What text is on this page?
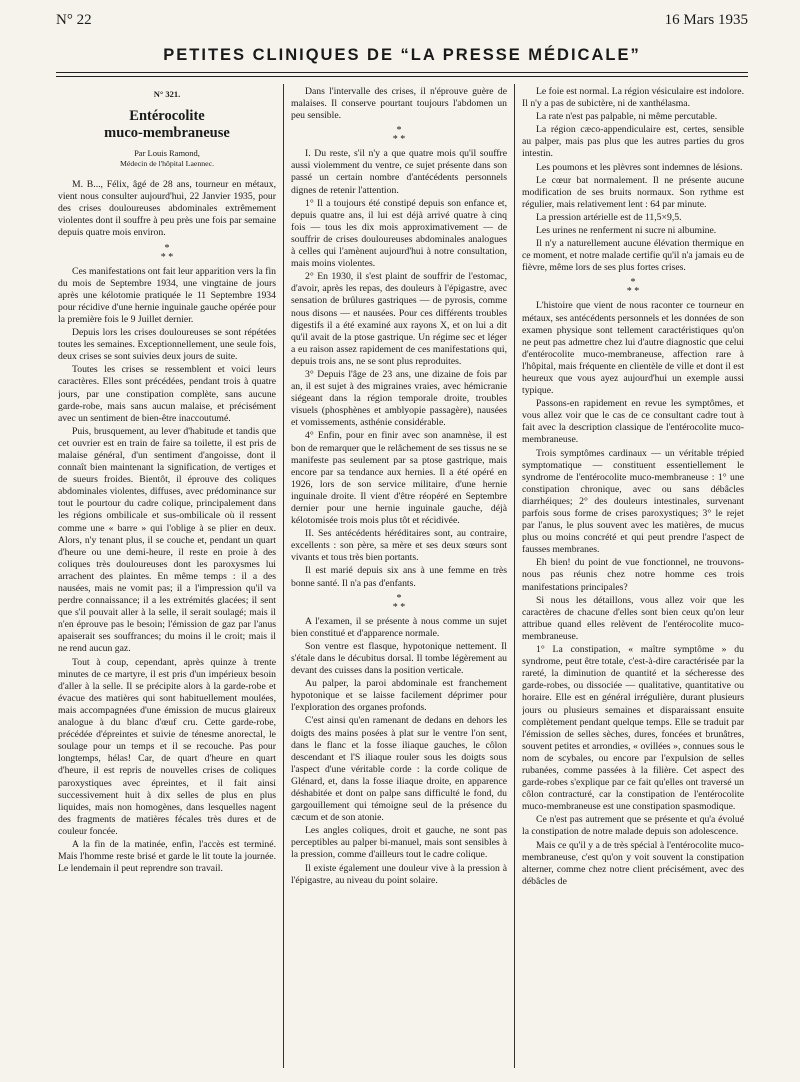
N° 22	16 Mars 1935
PETITES CLINIQUES DE “LA PRESSE MÉDICALE”
N° 321.
Entérocolite
muco-membraneuse
Par Louis Ramond,
Médecin de l'hôpital Laennec.

M. B..., Félix, âgé de 28 ans, tourneur en métaux, vient nous consulter aujourd'hui, 22 Janvier 1935, pour des crises douloureuses abdominales extrêmement violentes dont il souffre à peu près une fois par semaine depuis quatre mois environ.

*
* *

Ces manifestations ont fait leur apparition vers la fin du mois de Septembre 1934, une vingtaine de jours après une kélotomie pratiquée le 11 Septembre 1934 pour récidive d'une hernie inguinale gauche opérée pour la première fois le 9 Juillet dernier.

Depuis lors les crises douloureuses se sont répétées toutes les semaines. Exceptionnellement, une seule fois, deux crises se sont suivies deux jours de suite.

Toutes les crises se ressemblent et voici leurs caractères. Elles sont précédées, pendant trois à quatre jours, par une constipation complète, sans aucune garde-robe, mais sans aucun malaise, et précisément avec un sentiment de bien-être inaccoutumé.

Puis, brusquement, au lever d'habitude et tandis que cet ouvrier est en train de faire sa toilette, il est pris de malaise général, d'un sentiment d'angoisse, dont il connaît bien maintenant la signification, de vertiges et de sueurs froides. Bientôt, il éprouve des coliques abdominales violentes, diffuses, avec prédominance sur tout le pourtour du cadre colique, principalement dans les régions ombilicale et sus-ombilicale où il ressent comme une « barre » qui l'oblige à se plier en deux. Alors, n'y tenant plus, il se couche et, pendant un quart d'heure ou une demi-heure, il reste en proie à des coliques très douloureuses dont les paroxysmes lui arrachent des plaintes. En même temps : il a des nausées, mais ne vomit pas; il a l'impression qu'il va perdre connaissance; il a les extrémités glacées; il sent que s'il pouvait aller à la selle, il serait soulagé; mais il n'en éprouve pas le besoin; l'émission de gaz par l'anus apaiserait ses souffrances; du moins il le croit; mais il ne rend aucun gaz.

Tout à coup, cependant, après quinze à trente minutes de ce martyre, il est pris d'un impérieux besoin d'aller à la selle. Il se précipite alors à la garde-robe et évacue des matières qui sont habituellement moulées, mais accompagnées d'une émission de mucus glaireux analogue à du blanc d'œuf cru. Cette garde-robe, précédée d'épreintes et suivie de ténesme anorectal, le soulage pour un temps et il se recouche. Pas pour longtemps, hélas! Car, de quart d'heure en quart d'heure, il est repris de nouvelles crises de coliques paroxystiques avec épreintes, et il fait ainsi successivement huit à dix selles de plus en plus liquides, mais non homogènes, dans lesquelles nagent des fragments de matières fécales très dures et de couleur foncée.

A la fin de la matinée, enfin, l'accès est terminé. Mais l'homme reste brisé et garde le lit toute la journée. Le lendemain il peut reprendre son travail.

Dans l'intervalle des crises, il n'éprouve guère de malaises. Il conserve pourtant toujours l'abdomen un peu sensible.

*
* *

I. Du reste, s'il n'y a que quatre mois qu'il souffre aussi violemment du ventre, ce sujet présente dans son passé un certain nombre d'antécédents personnels dignes de retenir l'attention.

1° Il a toujours été constipé depuis son enfance et, depuis quatre ans, il lui est déjà arrivé quatre à cinq fois — tous les dix mois approximativement — de souffrir de crises douloureuses abdominales analogues à celles qui l'amènent aujourd'hui à notre consultation, mais moins violentes.

2° En 1930, il s'est plaint de souffrir de l'estomac, d'avoir, après les repas, des douleurs à l'épigastre, avec sensation de brûlures gastriques — de pyrosis, comme nous disons — et nausées. Pour ces différents troubles digestifs il a été examiné aux rayons X, et on lui a dit qu'il avait de la ptose gastrique. Un régime sec et léger a eu raison assez rapidement de ces manifestations qui, depuis trois ans, ne se sont plus reproduites.

3° Depuis l'âge de 23 ans, une dizaine de fois par an, il est sujet à des migraines vraies, avec hémicranie siégeant dans la région temporale droite, troubles visuels (phosphènes et amblyopie passagère), nausées et vomissements, asthénie considérable.

4° Enfin, pour en finir avec son anamnèse, il est bon de remarquer que le relâchement de ses tissus ne se manifeste pas seulement par sa ptose gastrique, mais encore par sa tendance aux hernies. Il a été opéré en 1926, lors de son service militaire, d'une hernie inguinale droite. Il vient d'être réopéré en Septembre dernier pour une hernie inguinale gauche, déjà kélotomisée trois mois plus tôt et récidivée.

II. Ses antécédents héréditaires sont, au contraire, excellents : son père, sa mère et ses deux sœurs sont vivants et tous très bien portants.

Il est marié depuis six ans à une femme en très bonne santé. Il n'a pas d'enfants.

*
* *

A l'examen, il se présente à nous comme un sujet bien constitué et d'apparence normale.

Son ventre est flasque, hypotonique nettement. Il s'étale dans le décubitus dorsal. Il tombe légèrement au devant des cuisses dans la position verticale.

Au palper, la paroi abdominale est franchement hypotonique et se laisse facilement déprimer pour l'exploration des organes profonds.

C'est ainsi qu'en ramenant de dedans en dehors les doigts des mains posées à plat sur le ventre l'on sent, dans le flanc et la fosse iliaque gauches, le côlon descendant et l'S iliaque rouler sous les doigts sous l'aspect d'une véritable corde : la corde colique de Glénard, et, dans la fosse iliaque droite, en apparence déshabitée et dont on palpe sans difficulté le fond, du gargouillement qui témoigne seul de la présence du cæcum et de son atonie.

Les angles coliques, droit et gauche, ne sont pas perceptibles au palper bi-manuel, mais sont sensibles à la pression, comme d'ailleurs tout le cadre colique.

Il existe également une douleur vive à la pression à l'épigastre, au niveau du point solaire.

Le foie est normal. La région vésiculaire est indolore. Il n'y a pas de subictère, ni de xanthélasma.

La rate n'est pas palpable, ni même percutable.

La région cæco-appendiculaire est, certes, sensible au palper, mais pas plus que les autres parties du gros intestin.

Les poumons et les plèvres sont indemnes de lésions.

Le cœur bat normalement. Il ne présente aucune modification de ses bruits normaux. Son rythme est régulier, mais relativement lent : 64 par minute.

La pression artérielle est de 11,5×9,5.

Les urines ne renferment ni sucre ni albumine.

Il n'y a naturellement aucune élévation thermique en ce moment, et notre malade certifie qu'il n'a jamais eu de fièvre, même lors de ses plus fortes crises.

*
* *

L'histoire que vient de nous raconter ce tourneur en métaux, ses antécédents personnels et les données de son examen physique sont tellement caractéristiques qu'on ne peut pas admettre chez lui d'autre diagnostic que celui d'entérocolite muco-membraneuse, affection rare à l'hôpital, mais fréquente en clientèle de ville et dont il est heureux que vous ayez aujourd'hui un exemple aussi typique.

Passons-en rapidement en revue les symptômes, et vous allez voir que le cas de ce consultant cadre tout à fait avec la description classique de l'entérocolite muco-membraneuse.

Trois symptômes cardinaux — un véritable trépied symptomatique — constituent essentiellement le syndrome de l'entérocolite muco-membraneuse : 1° une constipation chronique, avec ou sans débâcles diarrhéiques; 2° des douleurs intestinales, survenant parfois sous forme de crises paroxystiques; 3° le rejet par l'anus, le plus souvent avec les matières, de mucus plus ou moins concrété et qui peut prendre l'aspect de fausses membranes.

Eh bien! du point de vue fonctionnel, ne trouvons-nous pas réunis chez notre homme ces trois manifestations principales?

Si nous les détaillons, vous allez voir que les caractères de chacune d'elles sont bien ceux qu'on leur attribue quand elles relèvent de l'entérocolite muco-membraneuse.

1° La constipation, « maître symptôme » du syndrome, peut être totale, c'est-à-dire caractérisée par la rareté, la diminution de quantité et la sécheresse des garde-robes, ou dissociée — qualitative, quantitative ou horaire. Elle est en général irrégulière, durant plusieurs jours ou plusieurs semaines et disparaissant ensuite complètement pendant quelque temps. Elle se traduit par l'émission de selles sèches, dures, foncées et brunâtres, souvent petites et arrondies, « ovillées », connues sous le nom de scybales, ou encore par l'expulsion de selles rubanées, comme passées à la filière. Cet aspect des garde-robes s'explique par ce fait qu'elles ont traversé un côlon contracturé, car la constipation de l'entérocolite muco-membraneuse est une constipation spasmodique.

Ce n'est pas autrement que se présente et qu'a évolué la constipation de notre malade depuis son adolescence.

Mais ce qu'il y a de très spécial à l'entérocolite muco-membraneuse, c'est qu'on y voit souvent la constipation alterner, comme chez notre client précisément, avec des débâcles de
